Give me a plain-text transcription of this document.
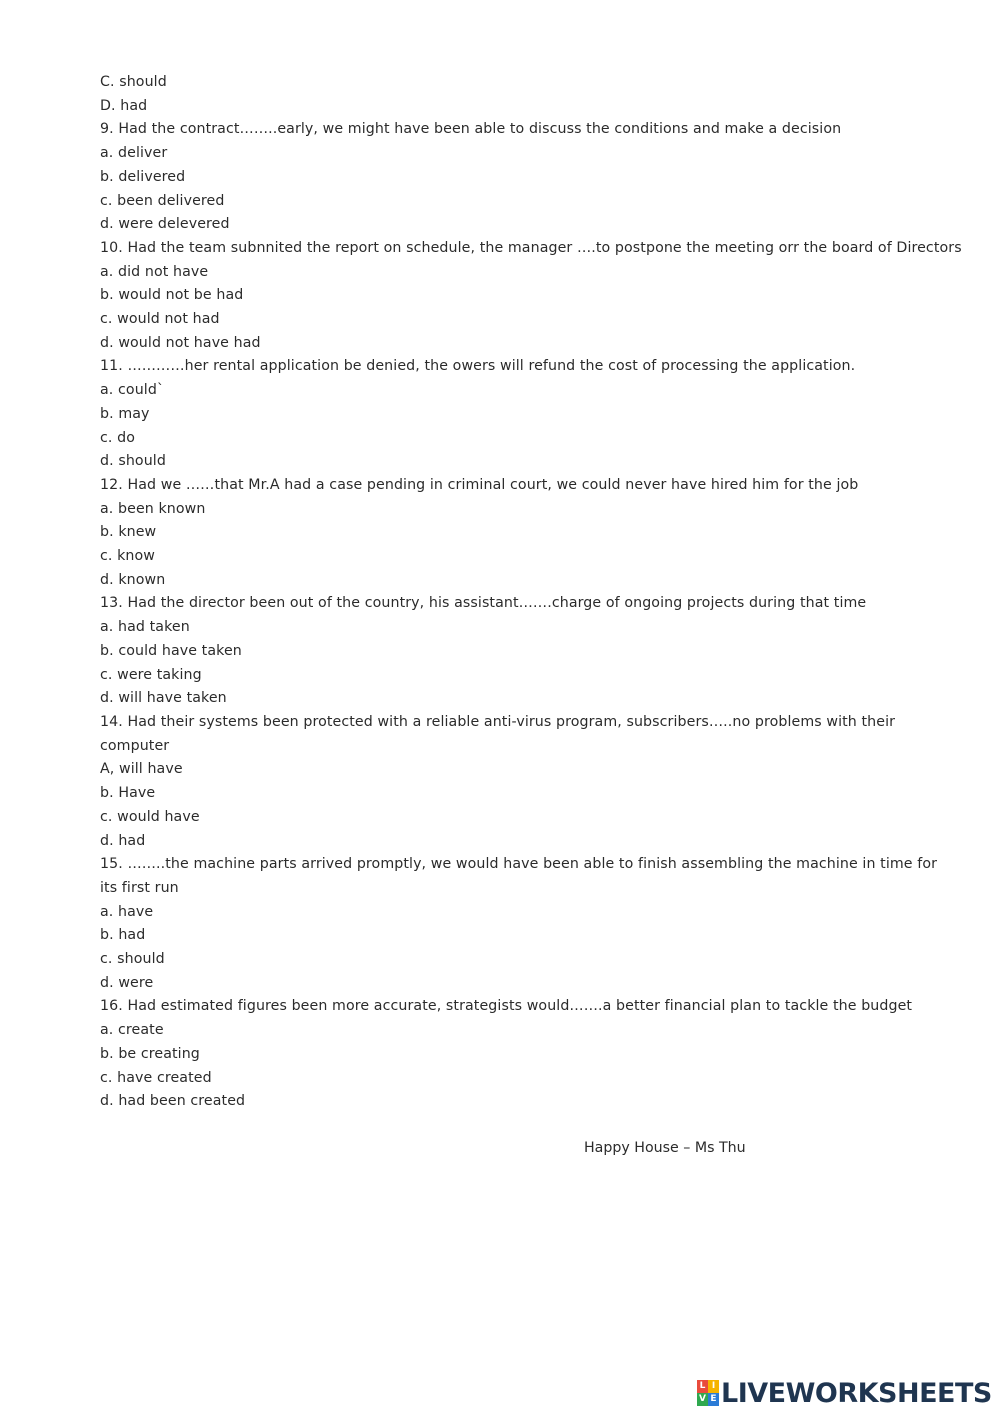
C. should
D. had
9. Had the contract……..early, we might have been able to discuss the conditions and make a decision
a. deliver
b. delivered
c. been delivered
d. were delevered
10. Had the team subnnited the report on schedule, the manager ….to postpone the meeting orr the board of Directors
a. did not have
b. would not be had
c. would not had
d. would not have had
11. …………her rental application be denied, the owers will refund the cost of processing the application.
a. could`
b. may
c. do
d. should
12. Had we ……that Mr.A had a case pending in criminal court, we could never have hired him for the job
a. been known
b. knew
c. know
d. known
13. Had the director been out of the country, his assistant…….charge of ongoing projects during that time
a. had taken
b. could have taken
c. were taking
d. will have taken
14. Had their systems been protected with a reliable anti-virus program, subscribers…..no problems with their
computer
A, will have
b. Have
c. would have
d. had
15. ……..the machine parts arrived promptly, we would have been able to finish assembling the machine in time for
its first run
a. have
b. had
c. should
d. were
16. Had estimated figures been more accurate, strategists would…….a better financial plan to tackle the budget
a. create
b. be creating
c. have created
d. had been created
Happy House – Ms Thu
L I
V E LIVEWORKSHEETS
